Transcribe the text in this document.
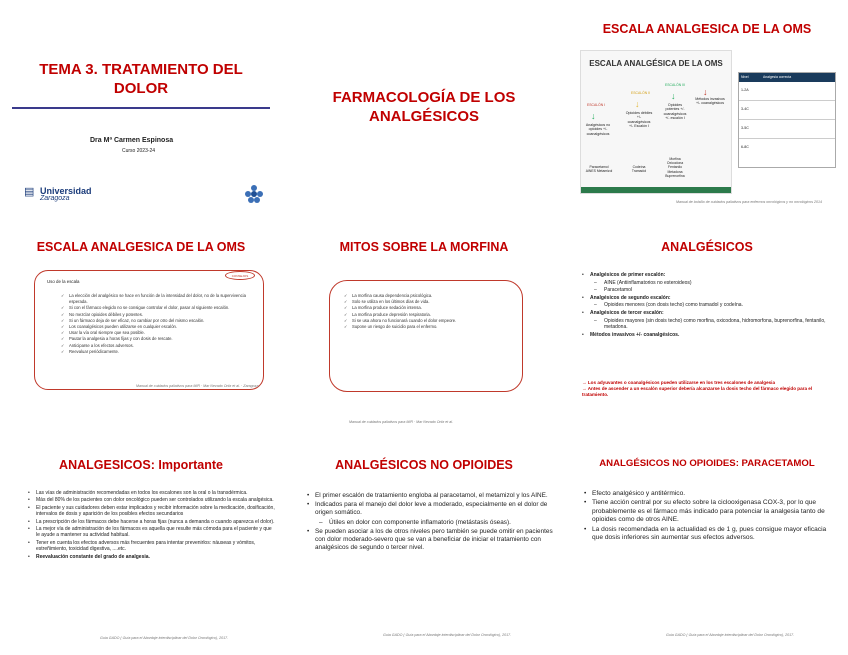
TEMA 3. TRATAMIENTO DEL
DOLOR
Dra Mª Carmen Espinosa
Curso 2023-24
▤ Universidad
Zaragoza
FARMACOLOGÍA DE LOS
ANALGÉSICOS
ESCALA ANALGESICA DE LA OMS
ESCALA ANALGÉSICA DE LA OMS
ESCALÓN I
ESCALÓN II
ESCALÓN III
↓
↓
↓	↓
Analgésicos no opioides +/- coanalgésicos
Opioides débiles +/- coanalgésicos +/- Escalón I
Opioides potentes +/- coanalgésicos +/- escalón I
Métodos invasivos +/- coanalgésicos
Paracetamol AINES Metamizol
Codeína Tramadol
Morfina Oxicodona Fentanilo Metadona Buprenorfina
Nivel	Analgesia correcta
1-2A
3-4C
3-5C
6-8C
Manual de bolsillo de cuidados paliativos para enfermos oncológicos y no oncológicos 2014
ESCALA ANALGESICA DE LA OMS
Uso de la escala
✓ La elección del analgésico se hace en función de la intensidad del dolor, no de la supervivencia esperada.
✓ Si con el fármaco elegido no se consigue controlar el dolor, pasar al siguiente escalón.
✓ No mezclar opioides débiles y potentes.
✓ Si un fármaco deja de ser eficaz, no cambiar por otro del mismo escalón.
✓ Los coanalgésicos pueden utilizarse en cualquier escalón.
✓ Usar la vía oral siempre que sea posible.
✓ Pautar la analgesia a horas fijas y con dosis de rescate.
✓ Anticiparse a los efectos adversos.
✓ Reevaluar periódicamente.
CONSEJOS
Manual de cuidados paliativos para MIR · Mar Nevado Ortiz et al. · Zaragoza
MITOS SOBRE LA MORFINA
✓ La morfina causa dependencia psicológica.
✓ Solo se utiliza en los últimos días de vida.
✓ La morfina produce sedación intensa.
✓ La morfina produce depresión respiratoria.
✓ Si se usa ahora no funcionará cuando el dolor empeore.
✓ Supone un riesgo de suicidio para el enfermo.
Manual de cuidados paliativos para MIR · Mar Nevado Ortiz et al.
ANALGÉSICOS
• Analgésicos de primer escalón:
– AINE (Antiinflamatorios no esteroideos)
– Paracetamol
• Analgésicos de segundo escalón:
– Opioides menores (con dosis techo) como tramadol y codeína.
• Analgésicos de tercer escalón:
– Opioides mayores (sin dosis techo) como morfina, oxicodona, hidromorfona, buprenorfina, fentanilo, metadona.
• Métodos invasivos +/- coanalgésicos.
→ Los adyuvantes o coanalgésicos pueden utilizarse en los tres escalones de analgesia
→ Antes de ascender a un escalón superior debería alcanzarse la dosis techo del fármaco elegido para el tratamiento.
ANALGESICOS: Importante
• Las vías de administración recomendadas en todos los escalones son la oral o la transdérmica.
• Más del 80% de los pacientes con dolor oncológico pueden ser controlados utilizando la escala analgésica.
• El paciente y sus cuidadores deben estar implicados y recibir información sobre la medicación, dosificación, intervalos de dosis y aparición de los posibles efectos secundarios
• La prescripción de los fármacos debe hacerse a horas fijas (nunca a demanda o cuando aparezca el dolor).
• La mejor vía de administración de los fármacos es aquella que resulte más cómoda para el paciente y que le ayude a mantener su actividad habitual.
• Tener en cuenta los efectos adversos más frecuentes para intentar prevenirlos: náuseas y vómitos, estreñimiento, toxicidad digestiva, ....etc.
• Reevaluación constante del grado de analgesia.
Guía GADO ( Guía para el Abordaje interdisciplinar del Dolor Oncológico), 2017.
ANALGÉSICOS NO OPIOIDES
• El primer escalón de tratamiento engloba al paracetamol, el metamizol y los AINE.
• Indicados para el manejo del dolor leve a moderado, especialmente en el dolor de origen somático.
– Útiles en dolor con componente inflamatorio (metástasis óseas).
• Se pueden asociar a los de otros niveles pero también se puede omitir en pacientes con dolor moderado-severo que se van a beneficiar de iniciar el tratamiento con analgésicos de segundo o tercer nivel.
Guía GADO ( Guía para el Abordaje interdisciplinar del Dolor Oncológico), 2017.
ANALGÉSICOS NO OPIOIDES: PARACETAMOL
• Efecto analgésico y antitérmico.
• Tiene acción central por su efecto sobre la ciclooxigenasa COX-3, por lo que probablemente es el fármaco más indicado para potenciar la analgesia tanto de opioides como de otros AINE.
• La dosis recomendada en la actualidad es de 1 g, pues consigue mayor eficacia que dosis inferiores sin aumentar sus efectos adversos.
Guía GADO ( Guía para el Abordaje interdisciplinar del Dolor Oncológico), 2017.
